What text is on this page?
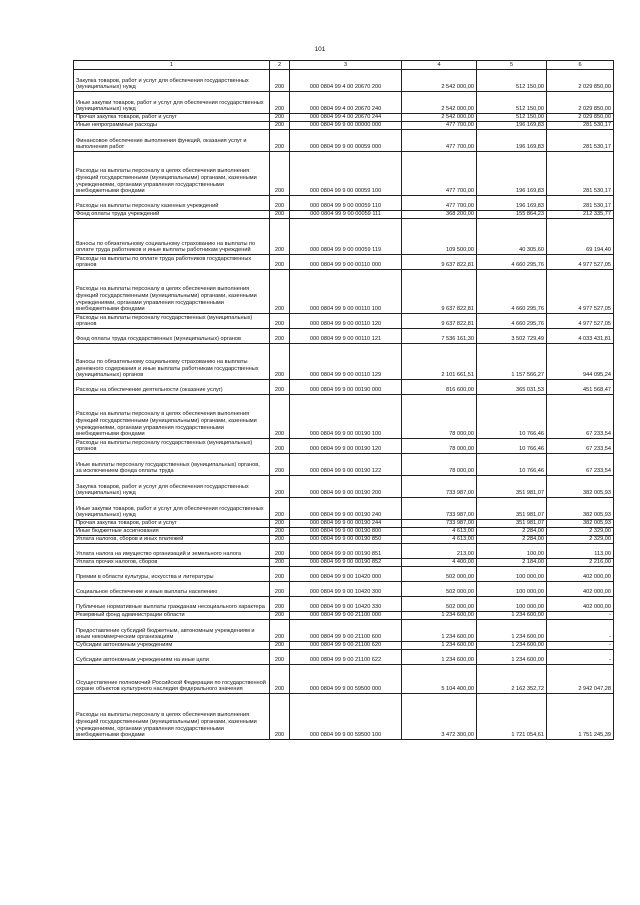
101
1	2	3	4	5	6
Закупка товаров, работ и услуг для обеспечения государственных (муниципальных) нужд	200	000 0804 99 4 00 20670 200	2 542 000,00	512 150,00	2 029 850,00
Иные закупки товаров, работ и услуг для обеспечения государственных (муниципальных) нужд	200	000 0804 99 4 00 20670 240	2 542 000,00	512 150,00	2 029 850,00
Прочая закупка товаров, работ и услуг	200	000 0804 99 4 00 20670 244	2 542 000,00	512 150,00	2 029 850,00
Иные непрограммные расходы	200	000 0804 99 9 00 00000 000	477 700,00	196 169,83	281 530,17
Финансовое обеспечение выполнения функций, оказания услуг и выполнения работ	200	000 0804 99 9 00 00059 000	477 700,00	196 169,83	281 530,17
Расходы на выплаты персоналу в целях обеспечения выполнения функций государственными (муниципальными) органами, казенными учреждениями, органами управления государственными внебюджетными фондами	200	000 0804 99 9 00 00059 100	477 700,00	196 169,83	281 530,17
Расходы на выплаты персоналу казенных учреждений	200	000 0804 99 9 00 00059 110	477 700,00	196 169,83	281 530,17
Фонд оплаты труда учреждений	200	000 0804 99 9 00 00059 111	368 200,00	155 864,23	212 335,77
Взносы по обязательному социальному страхованию на выплаты по оплате труда работников и иные выплаты работникам учреждений	200	000 0804 99 9 00 00059 119	109 500,00	40 305,60	69 194,40
Расходы на выплаты по оплате труда работников государственных органов	200	000 0804 99 9 00 00110 000	9 637 822,81	4 660 295,76	4 977 527,05
Расходы на выплаты персоналу в целях обеспечения выполнения функций государственными (муниципальными) органами, казенными учреждениями, органами управления государственными внебюджетными фондами	200	000 0804 99 9 00 00110 100	9 637 822,81	4 660 295,76	4 977 527,05
Расходы на выплаты персоналу государственных (муниципальных) органов	200	000 0804 99 9 00 00110 120	9 637 822,81	4 660 295,76	4 977 527,05
Фонд оплаты труда государственных (муниципальных) органов	200	000 0804 99 9 00 00110 121	7 536 161,30	3 502 729,49	4 033 431,81
Взносы по обязательному социальному страхованию на выплаты денежного содержания и иные выплаты работникам государственных (муниципальных) органов	200	000 0804 99 9 00 00110 129	2 101 661,51	1 157 566,27	944 095,24
Расходы на обеспечение деятельности (оказание услуг)	200	000 0804 99 9 00 00190 000	816 600,00	365 031,53	451 568,47
Расходы на выплаты персоналу в целях обеспечения выполнения функций государственными (муниципальными) органами, казенными учреждениями, органами управления государственными внебюджетными фондами	200	000 0804 99 9 00 00190 100	78 000,00	10 766,46	67 233,54
Расходы на выплаты персоналу государственных (муниципальных) органов	200	000 0804 99 9 00 00190 120	78 000,00	10 766,46	67 233,54
Иные выплаты персоналу государственных (муниципальных) органов, за исключением фонда оплаты труда	200	000 0804 99 9 00 00190 122	78 000,00	10 766,46	67 233,54
Закупка товаров, работ и услуг для обеспечения государственных (муниципальных) нужд	200	000 0804 99 9 00 00190 200	733 987,00	351 981,07	382 005,93
Иные закупки товаров, работ и услуг для обеспечения государственных (муниципальных) нужд	200	000 0804 99 9 00 00190 240	733 987,00	351 981,07	382 005,93
Прочая закупка товаров, работ и услуг	200	000 0804 99 9 00 00190 244	733 987,00	351 981,07	382 005,93
Иные бюджетные ассигнования	200	000 0804 99 9 00 00190 800	4 613,00	2 284,00	2 329,00
Уплата налогов, сборов и иных платежей	200	000 0804 99 9 00 00190 850	4 613,00	2 284,00	2 329,00
Уплата налога на имущество организаций и земельного налога	200	000 0804 99 9 00 00190 851	213,00	100,00	113,00
Уплата прочих налогов, сборов	200	000 0804 99 9 00 00190 852	4 400,00	2 184,00	2 216,00
Премии в области культуры, искусства и литературы	200	000 0804 99 9 00 10420 000	502 000,00	100 000,00	402 000,00
Социальное обеспечение и иные выплаты населению	200	000 0804 99 9 00 10420 300	502 000,00	100 000,00	402 000,00
Публичные нормативные выплаты гражданам несоциального характера	200	000 0804 99 9 00 10420 330	502 000,00	100 000,00	402 000,00
Резервный фонд администрации области	200	000 0804 99 9 00 21100 000	1 234 600,00	1 234 600,00	-
Предоставление субсидий бюджетным, автономным учреждениям и иным некоммерческим организациям	200	000 0804 99 9 00 21100 600	1 234 600,00	1 234 600,00	-
Субсидии автономным учреждениям	200	000 0804 99 9 00 21100 620	1 234 600,00	1 234 600,00	-
Субсидии автономным учреждениям на иные цели	200	000 0804 99 9 00 21100 622	1 234 600,00	1 234 600,00	-
Осуществление полномочий Российской Федерации по государственной охране объектов культурного наследия федерального значения	200	000 0804 99 9 00 59500 000	5 104 400,00	2 162 352,72	2 942 047,28
Расходы на выплаты персоналу в целях обеспечения выполнения функций государственными (муниципальными) органами, казенными учреждениями, органами управления государственными внебюджетными фондами	200	000 0804 99 9 00 59500 100	3 472 300,00	1 721 054,61	1 751 245,39
